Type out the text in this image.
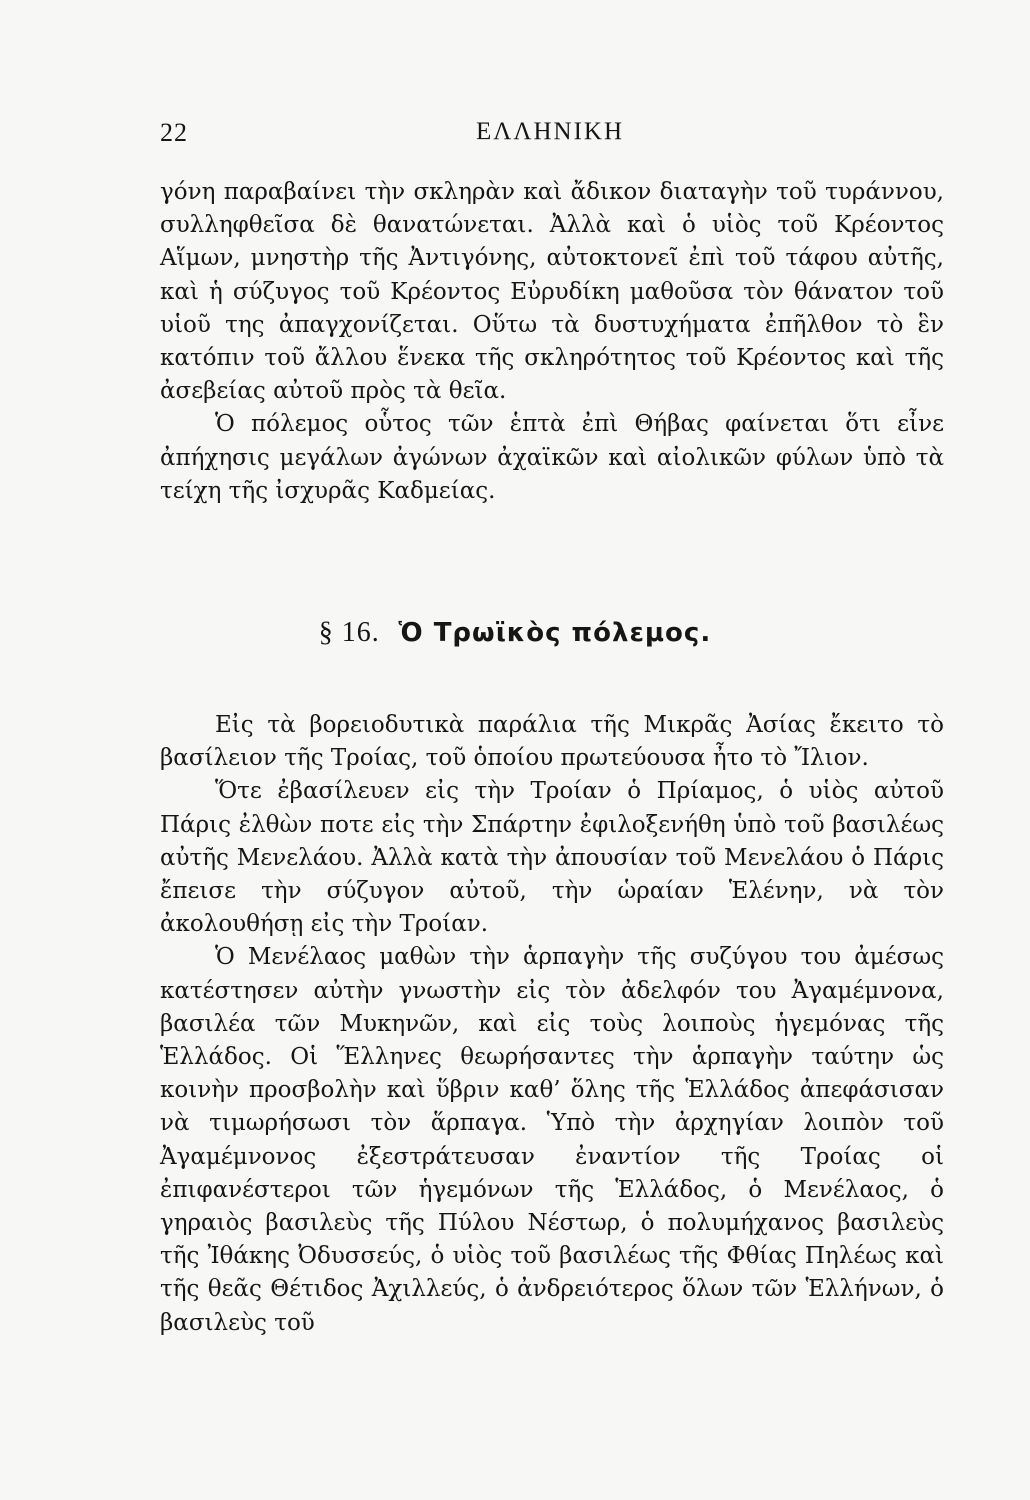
22	ΕΛΛΗΝΙΚΗ

γόνη παραβαίνει τὴν σκληρὰν καὶ ἄδικον διαταγὴν τοῦ τυράννου, συλληφθεῖσα δὲ θανατώνεται. Ἀλλὰ καὶ ὁ υἱὸς τοῦ Κρέοντος Αἵμων, μνηστὴρ τῆς Ἀντιγόνης, αὐτοκτονεῖ ἐπὶ τοῦ τάφου αὐτῆς, καὶ ἡ σύζυγος τοῦ Κρέοντος Εὐρυδίκη μαθοῦσα τὸν θάνατον τοῦ υἱοῦ της ἀπαγχονίζεται. Οὕτω τὰ δυστυχήματα ἐπῆλθον τὸ ἓν κατόπιν τοῦ ἄλλου ἕνεκα τῆς σκληρότητος τοῦ Κρέοντος καὶ τῆς ἀσεβείας αὐτοῦ πρὸς τὰ θεῖα.

Ὁ πόλεμος οὗτος τῶν ἑπτὰ ἐπὶ Θήβας φαίνεται ὅτι εἶνε ἀπήχησις μεγάλων ἀγώνων ἀχαϊκῶν καὶ αἰολικῶν φύλων ὑπὸ τὰ τείχη τῆς ἰσχυρᾶς Καδμείας.

§ 16. Ὁ Τρωϊκὸς πόλεμος.

Εἰς τὰ βορειοδυτικὰ παράλια τῆς Μικρᾶς Ἀσίας ἔκειτο τὸ βασίλειον τῆς Τροίας, τοῦ ὁποίου πρωτεύουσα ἦτο τὸ Ἴλιον.

Ὅτε ἐβασίλευεν εἰς τὴν Τροίαν ὁ Πρίαμος, ὁ υἱὸς αὐτοῦ Πάρις ἐλθὼν ποτε εἰς τὴν Σπάρτην ἐφιλοξενήθη ὑπὸ τοῦ βασιλέως αὐτῆς Μενελάου. Ἀλλὰ κατὰ τὴν ἀπουσίαν τοῦ Μενελάου ὁ Πάρις ἔπεισε τὴν σύζυγον αὐτοῦ, τὴν ὡραίαν Ἑλένην, νὰ τὸν ἀκολουθήσῃ εἰς τὴν Τροίαν.

Ὁ Μενέλαος μαθὼν τὴν ἁρπαγὴν τῆς συζύγου του ἀμέσως κατέστησεν αὐτὴν γνωστὴν εἰς τὸν ἀδελφόν του Ἀγαμέμνονα, βασιλέα τῶν Μυκηνῶν, καὶ εἰς τοὺς λοιποὺς ἡγεμόνας τῆς Ἑλλάδος. Οἱ Ἕλληνες θεωρήσαντες τὴν ἁρπαγὴν ταύτην ὡς κοινὴν προσβολὴν καὶ ὕβριν καθ’ ὅλης τῆς Ἑλλάδος ἀπεφάσισαν νὰ τιμωρήσωσι τὸν ἅρπαγα. Ὑπὸ τὴν ἀρχηγίαν λοιπὸν τοῦ Ἀγαμέμνονος ἐξεστράτευσαν ἐναντίον τῆς Τροίας οἱ ἐπιφανέστεροι τῶν ἡγεμόνων τῆς Ἑλλάδος, ὁ Μενέλαος, ὁ γηραιὸς βασιλεὺς τῆς Πύλου Νέστωρ, ὁ πολυμήχανος βασιλεὺς τῆς Ἰθάκης Ὀδυσσεύς, ὁ υἱὸς τοῦ βασιλέως τῆς Φθίας Πηλέως καὶ τῆς θεᾶς Θέτιδος Ἀχιλλεύς, ὁ ἀνδρειότερος ὅλων τῶν Ἑλλήνων, ὁ βασιλεὺς τοῦ
